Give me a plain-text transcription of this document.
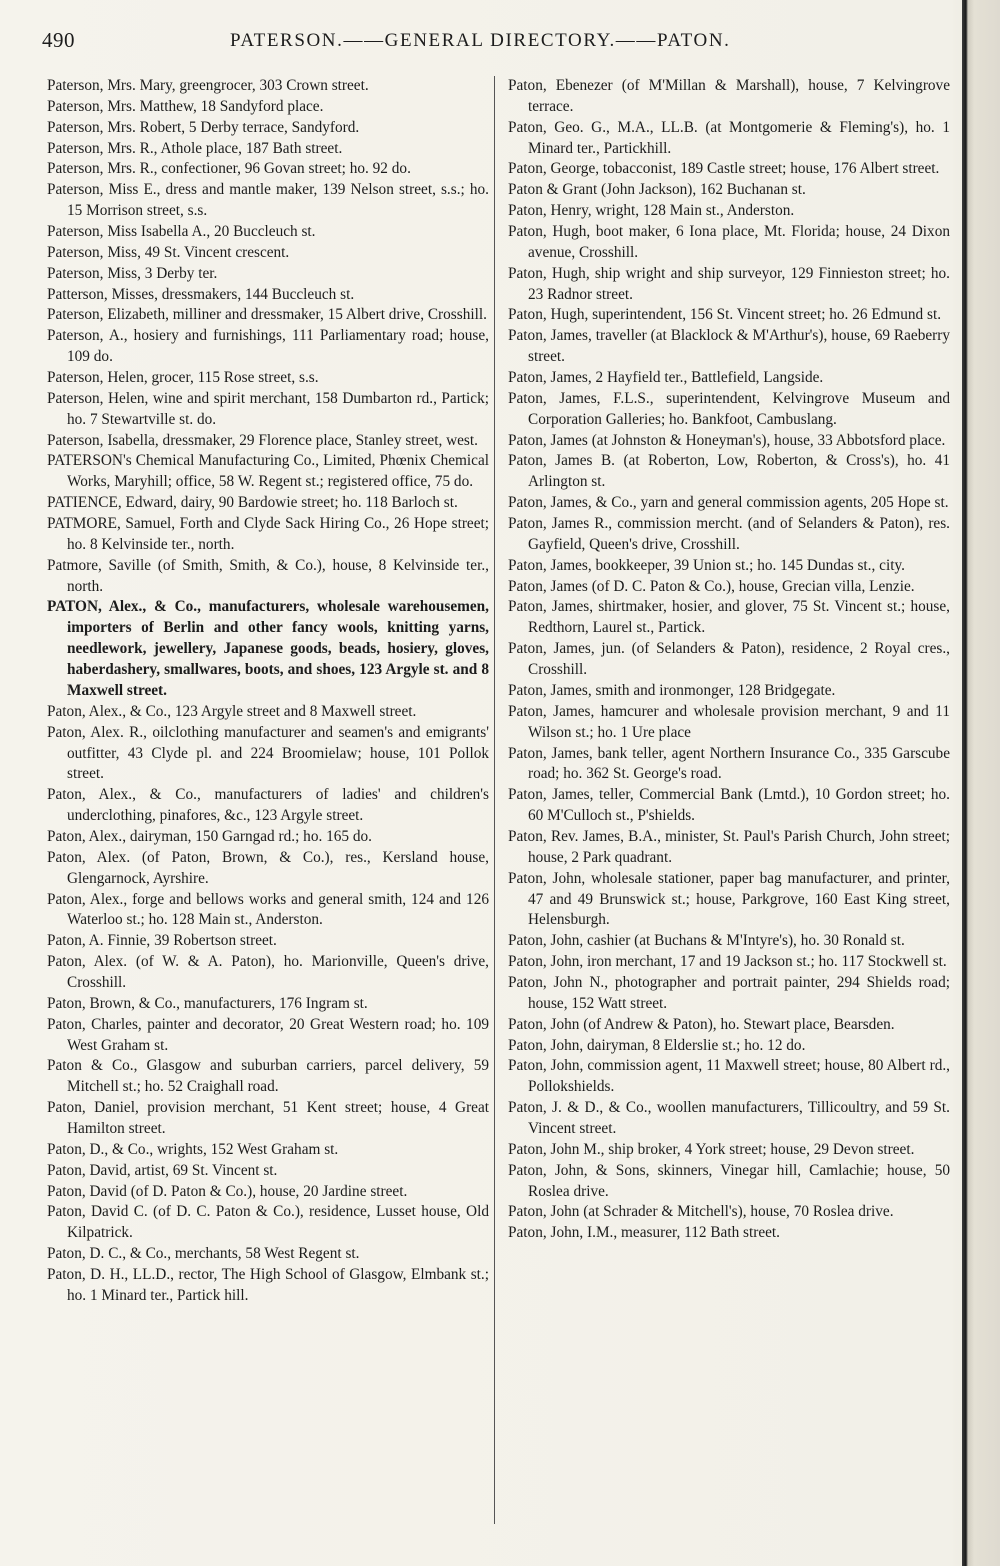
490	PATERSON.——GENERAL DIRECTORY.——PATON.

Paterson, Mrs. Mary, greengrocer, 303 Crown street.

Paterson, Mrs. Matthew, 18 Sandyford place.

Paterson, Mrs. Robert, 5 Derby terrace, Sandyford.

Paterson, Mrs. R., Athole place, 187 Bath street.

Paterson, Mrs. R., confectioner, 96 Govan street; ho. 92 do.

Paterson, Miss E., dress and mantle maker, 139 Nelson street, s.s.; ho. 15 Morrison street, s.s.

Paterson, Miss Isabella A., 20 Buccleuch st.

Paterson, Miss, 49 St. Vincent crescent.

Paterson, Miss, 3 Derby ter.

Patterson, Misses, dressmakers, 144 Buccleuch st.

Paterson, Elizabeth, milliner and dressmaker, 15 Albert drive, Crosshill.

Paterson, A., hosiery and furnishings, 111 Parliamentary road; house, 109 do.

Paterson, Helen, grocer, 115 Rose street, s.s.

Paterson, Helen, wine and spirit merchant, 158 Dumbarton rd., Partick; ho. 7 Stewartville st. do.

Paterson, Isabella, dressmaker, 29 Florence place, Stanley street, west.

PATERSON's Chemical Manufacturing Co., Limited, Phœnix Chemical Works, Maryhill; office, 58 W. Regent st.; registered office, 75 do.

PATIENCE, Edward, dairy, 90 Bardowie street; ho. 118 Barloch st.

PATMORE, Samuel, Forth and Clyde Sack Hiring Co., 26 Hope street; ho. 8 Kelvinside ter., north.

Patmore, Saville (of Smith, Smith, & Co.), house, 8 Kelvinside ter., north.

PATON, Alex., & Co., manufacturers, wholesale warehousemen, importers of Berlin and other fancy wools, knitting yarns, needlework, jewellery, Japanese goods, beads, hosiery, gloves, haberdashery, smallwares, boots, and shoes, 123 Argyle st. and 8 Maxwell street.

Paton, Alex., & Co., 123 Argyle street and 8 Maxwell street.

Paton, Alex. R., oilclothing manufacturer and seamen's and emigrants' outfitter, 43 Clyde pl. and 224 Broomielaw; house, 101 Pollok street.

Paton, Alex., & Co., manufacturers of ladies' and children's underclothing, pinafores, &c., 123 Argyle street.

Paton, Alex., dairyman, 150 Garngad rd.; ho. 165 do.

Paton, Alex. (of Paton, Brown, & Co.), res., Kersland house, Glengarnock, Ayrshire.

Paton, Alex., forge and bellows works and general smith, 124 and 126 Waterloo st.; ho. 128 Main st., Anderston.

Paton, A. Finnie, 39 Robertson street.

Paton, Alex. (of W. & A. Paton), ho. Marionville, Queen's drive, Crosshill.

Paton, Brown, & Co., manufacturers, 176 Ingram st.

Paton, Charles, painter and decorator, 20 Great Western road; ho. 109 West Graham st.

Paton & Co., Glasgow and suburban carriers, parcel delivery, 59 Mitchell st.; ho. 52 Craighall road.

Paton, Daniel, provision merchant, 51 Kent street; house, 4 Great Hamilton street.

Paton, D., & Co., wrights, 152 West Graham st.

Paton, David, artist, 69 St. Vincent st.

Paton, David (of D. Paton & Co.), house, 20 Jardine street.

Paton, David C. (of D. C. Paton & Co.), residence, Lusset house, Old Kilpatrick.

Paton, D. C., & Co., merchants, 58 West Regent st.

Paton, D. H., LL.D., rector, The High School of Glasgow, Elmbank st.; ho. 1 Minard ter., Partick hill.

Paton, Ebenezer (of M'Millan & Marshall), house, 7 Kelvingrove terrace.

Paton, Geo. G., M.A., LL.B. (at Montgomerie & Fleming's), ho. 1 Minard ter., Partickhill.

Paton, George, tobacconist, 189 Castle street; house, 176 Albert street.

Paton & Grant (John Jackson), 162 Buchanan st.

Paton, Henry, wright, 128 Main st., Anderston.

Paton, Hugh, boot maker, 6 Iona place, Mt. Florida; house, 24 Dixon avenue, Crosshill.

Paton, Hugh, ship wright and ship surveyor, 129 Finnieston street; ho. 23 Radnor street.

Paton, Hugh, superintendent, 156 St. Vincent street; ho. 26 Edmund st.

Paton, James, traveller (at Blacklock & M'Arthur's), house, 69 Raeberry street.

Paton, James, 2 Hayfield ter., Battlefield, Langside.

Paton, James, F.L.S., superintendent, Kelvingrove Museum and Corporation Galleries; ho. Bankfoot, Cambuslang.

Paton, James (at Johnston & Honeyman's), house, 33 Abbotsford place.

Paton, James B. (at Roberton, Low, Roberton, & Cross's), ho. 41 Arlington st.

Paton, James, & Co., yarn and general commission agents, 205 Hope st.

Paton, James R., commission mercht. (and of Selanders & Paton), res. Gayfield, Queen's drive, Crosshill.

Paton, James, bookkeeper, 39 Union st.; ho. 145 Dundas st., city.

Paton, James (of D. C. Paton & Co.), house, Grecian villa, Lenzie.

Paton, James, shirtmaker, hosier, and glover, 75 St. Vincent st.; house, Redthorn, Laurel st., Partick.

Paton, James, jun. (of Selanders & Paton), residence, 2 Royal cres., Crosshill.

Paton, James, smith and ironmonger, 128 Bridgegate.

Paton, James, hamcurer and wholesale provision merchant, 9 and 11 Wilson st.; ho. 1 Ure place

Paton, James, bank teller, agent Northern Insurance Co., 335 Garscube road; ho. 362 St. George's road.

Paton, James, teller, Commercial Bank (Lmtd.), 10 Gordon street; ho. 60 M'Culloch st., P'shields.

Paton, Rev. James, B.A., minister, St. Paul's Parish Church, John street; house, 2 Park quadrant.

Paton, John, wholesale stationer, paper bag manufacturer, and printer, 47 and 49 Brunswick st.; house, Parkgrove, 160 East King street, Helensburgh.

Paton, John, cashier (at Buchans & M'Intyre's), ho. 30 Ronald st.

Paton, John, iron merchant, 17 and 19 Jackson st.; ho. 117 Stockwell st.

Paton, John N., photographer and portrait painter, 294 Shields road; house, 152 Watt street.

Paton, John (of Andrew & Paton), ho. Stewart place, Bearsden.

Paton, John, dairyman, 8 Elderslie st.; ho. 12 do.

Paton, John, commission agent, 11 Maxwell street; house, 80 Albert rd., Pollokshields.

Paton, J. & D., & Co., woollen manufacturers, Tillicoultry, and 59 St. Vincent street.

Paton, John M., ship broker, 4 York street; house, 29 Devon street.

Paton, John, & Sons, skinners, Vinegar hill, Camlachie; house, 50 Roslea drive.

Paton, John (at Schrader & Mitchell's), house, 70 Roslea drive.

Paton, John, I.M., measurer, 112 Bath street.
